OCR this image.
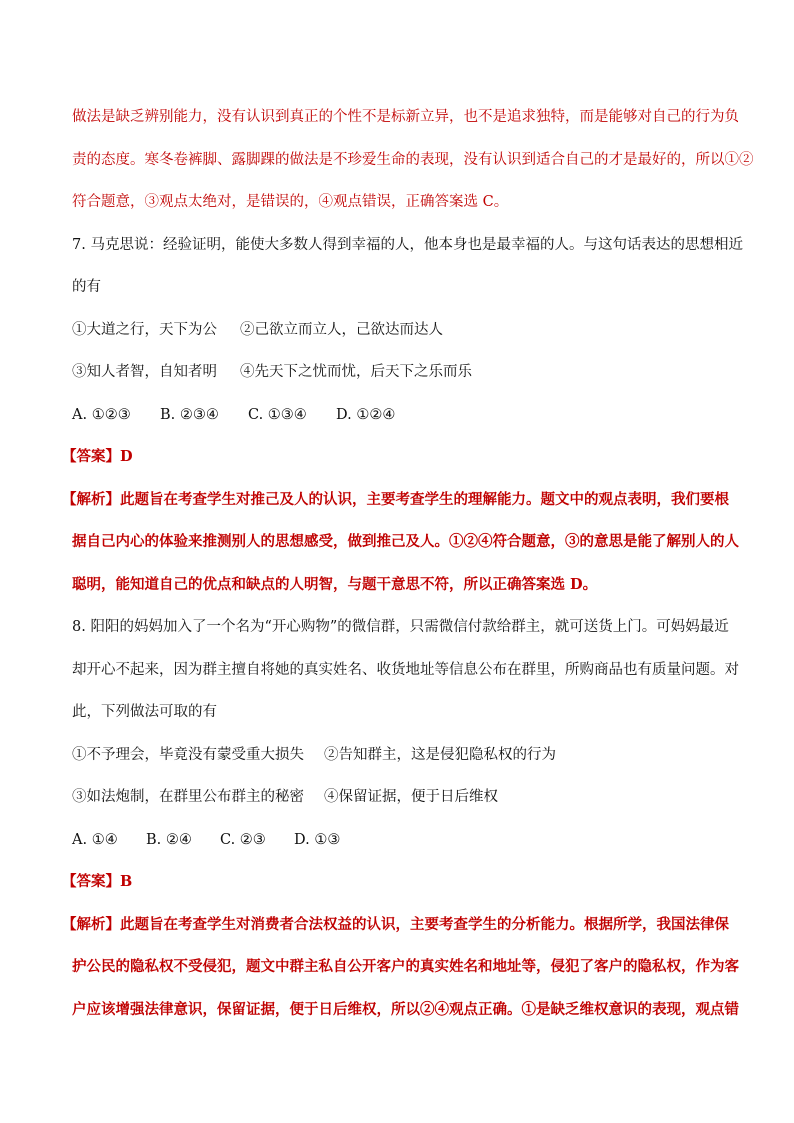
做法是缺乏辨别能力，没有认识到真正的个性不是标新立异，也不是追求独特，而是能够对自己的行为负
责的态度。寒冬卷裤脚、露脚踝的做法是不珍爱生命的表现，没有认识到适合自己的才是最好的，所以①②
符合题意，③观点太绝对，是错误的，④观点错误，正确答案选 C。
7. 马克思说：经验证明，能使大多数人得到幸福的人，他本身也是最幸福的人。与这句话表达的思想相近
的有
①大道之行，天下为公 ②己欲立而立人，己欲达而达人
③知人者智，自知者明 ④先天下之忧而忧，后天下之乐而乐
A. ①②③ B. ②③④ C. ①③④ D. ①②④
【答案】D
【解析】此题旨在考查学生对推己及人的认识，主要考查学生的理解能力。题文中的观点表明，我们要根
据自己内心的体验来推测别人的思想感受，做到推己及人。①②④符合题意，③的意思是能了解别人的人
聪明，能知道自己的优点和缺点的人明智，与题干意思不符，所以正确答案选 D。
8. 阳阳的妈妈加入了一个名为“开心购物”的微信群，只需微信付款给群主，就可送货上门。可妈妈最近
却开心不起来，因为群主擅自将她的真实姓名、收货地址等信息公布在群里，所购商品也有质量问题。对
此，下列做法可取的有
①不予理会，毕竟没有蒙受重大损失 ②告知群主，这是侵犯隐私权的行为
③如法炮制，在群里公布群主的秘密 ④保留证据，便于日后维权
A. ①④ B. ②④ C. ②③ D. ①③
【答案】B
【解析】此题旨在考查学生对消费者合法权益的认识，主要考查学生的分析能力。根据所学，我国法律保
护公民的隐私权不受侵犯，题文中群主私自公开客户的真实姓名和地址等，侵犯了客户的隐私权，作为客
户应该增强法律意识，保留证据，便于日后维权，所以②④观点正确。①是缺乏维权意识的表现，观点错
